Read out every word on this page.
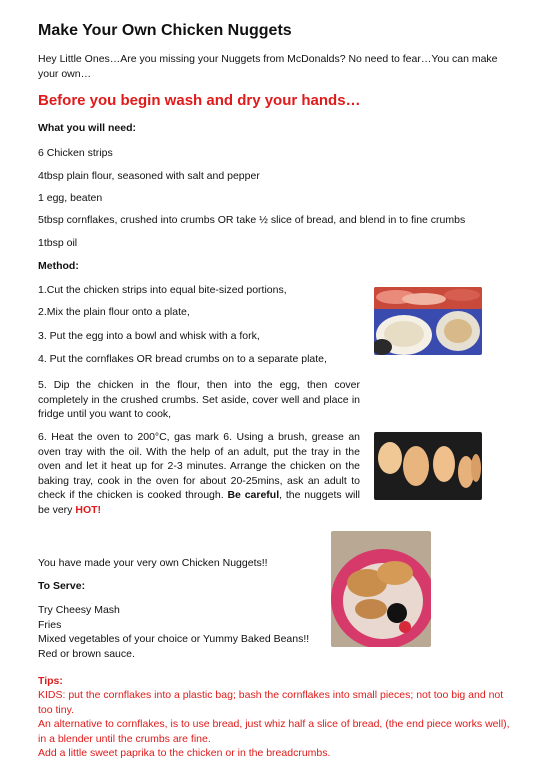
Make Your Own Chicken Nuggets
Hey Little Ones…Are you missing your Nuggets from McDonalds? No need to fear…You can make your own…
Before you begin wash and dry your hands…
What you will need:
6 Chicken strips
4tbsp plain flour, seasoned with salt and pepper
1 egg, beaten
5tbsp cornflakes, crushed into crumbs OR take ½ slice of bread, and blend in to fine crumbs
1tbsp oil
Method:
1.Cut the chicken strips into equal bite-sized portions,
2.Mix the plain flour onto a plate,
3. Put the egg into a bowl and whisk with a fork,
4. Put the cornflakes OR bread crumbs on to a separate plate,
5. Dip the chicken in the flour, then into the egg, then cover completely in the crushed crumbs. Set aside, cover well and place in fridge until you want to cook,
6. Heat the oven to 200°C, gas mark 6. Using a brush, grease an oven tray with the oil. With the help of an adult, put the tray in the oven and let it heat up for 2-3 minutes. Arrange the chicken on the baking tray, cook in the oven for about 20-25mins, ask an adult to check if the chicken is cooked through. Be careful, the nuggets will be very HOT!
You have made your very own Chicken Nuggets!!
To Serve:
Try Cheesy Mash
Fries
Mixed vegetables of your choice or Yummy Baked Beans!!
Red or brown sauce.
Tips:
KIDS: put the cornflakes into a plastic bag; bash the cornflakes into small pieces; not too big and not too tiny.
An alternative to cornflakes, is to use bread, just whiz half a slice of bread, (the end piece works well), in a blender until the crumbs are fine.
Add a little sweet paprika to the chicken or in the breadcrumbs.
